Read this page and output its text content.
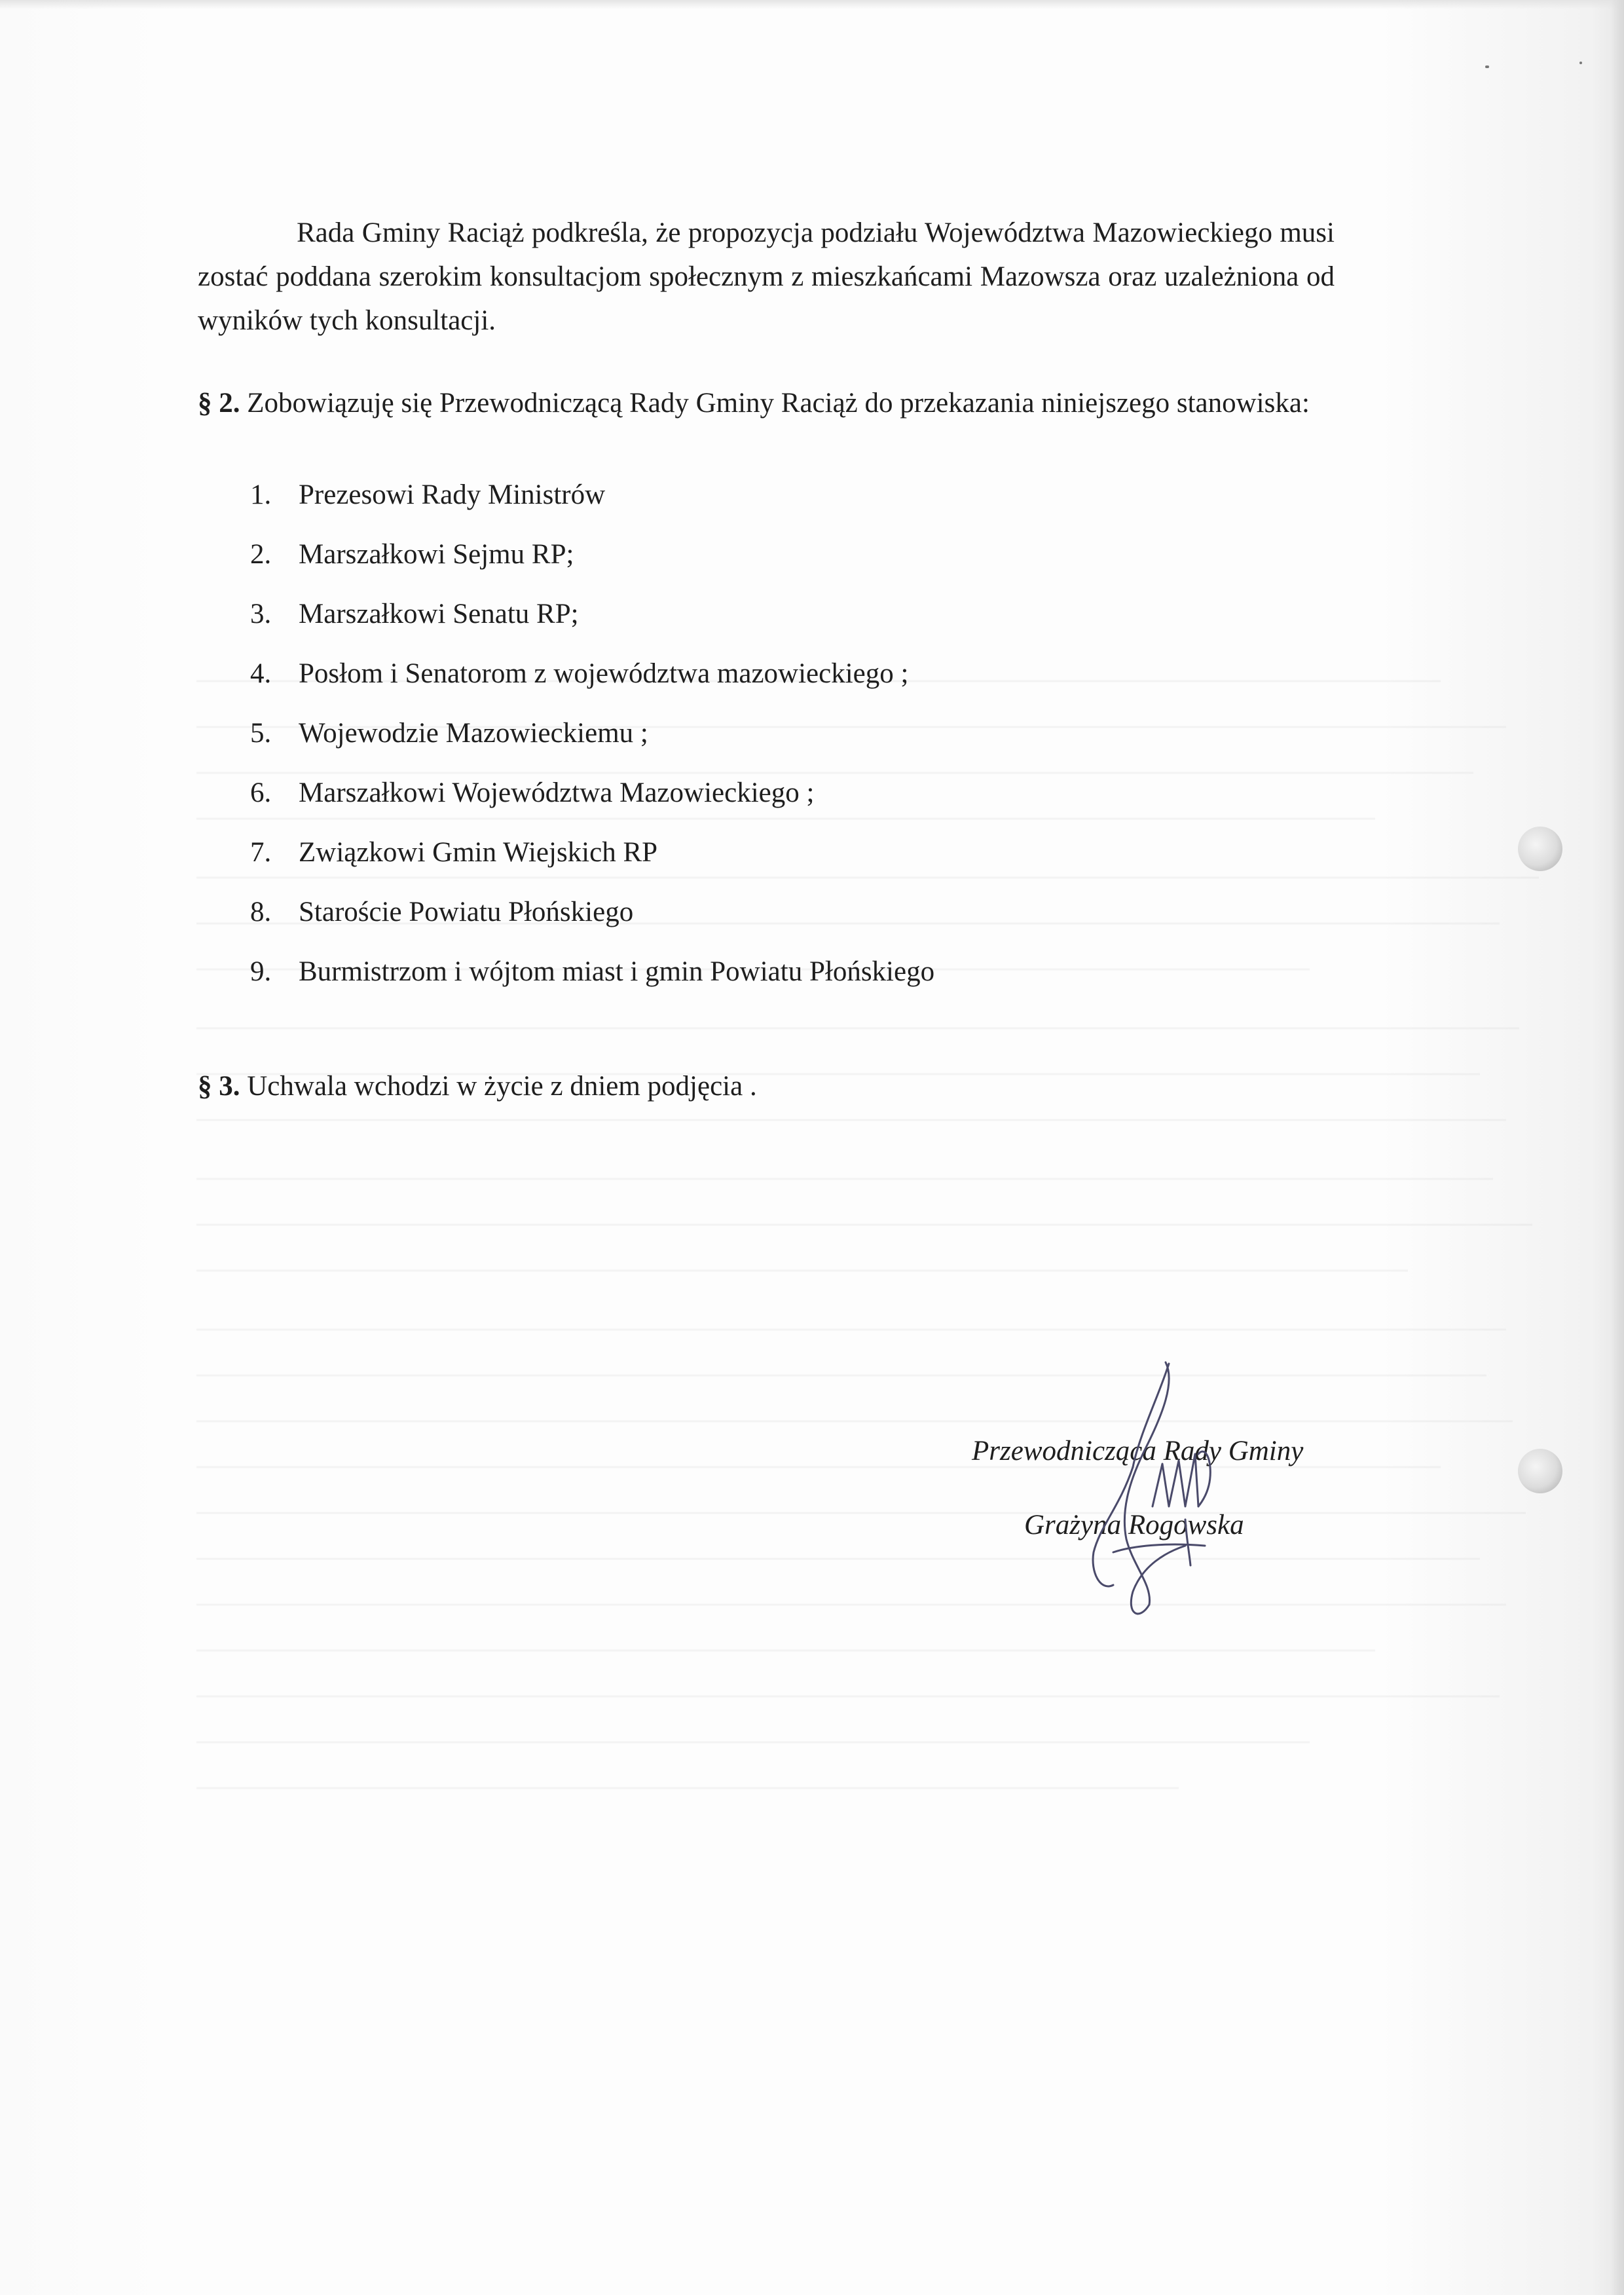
Rada Gminy Raciąż podkreśla, że propozycja podziału Województwa Mazowieckiego musi zostać poddana szerokim konsultacjom społecznym z mieszkańcami Mazowsza oraz uzależniona od wyników tych konsultacji.

§ 2. Zobowiązuję się Przewodniczącą Rady Gminy Raciąż do przekazania niniejszego stanowiska:

1. Prezesowi Rady Ministrów
2. Marszałkowi Sejmu RP;
3. Marszałkowi Senatu RP;
4. Posłom i Senatorom z województwa mazowieckiego ;
5. Wojewodzie Mazowieckiemu ;
6. Marszałkowi Województwa Mazowieckiego ;
7. Związkowi Gmin Wiejskich RP
8. Staroście Powiatu Płońskiego
9. Burmistrzom i wójtom miast i gmin Powiatu Płońskiego

§ 3. Uchwala wchodzi w życie z dniem podjęcia .

Przewodnicząca Rady Gminy
Grażyna Rogowska
